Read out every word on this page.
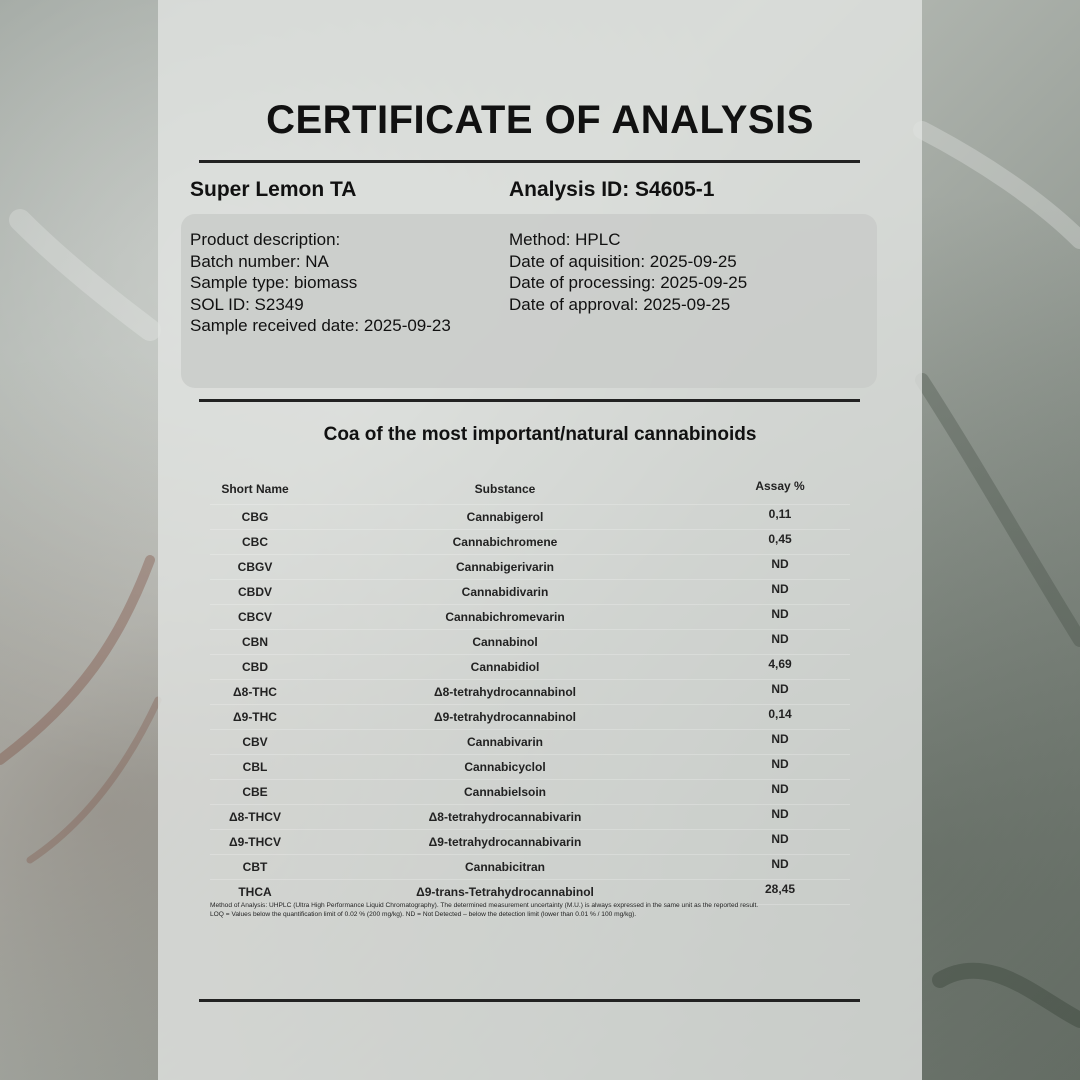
CERTIFICATE OF ANALYSIS
Super Lemon TA	Analysis ID: S4605-1
Product description:
Batch number: NA
Sample type: biomass
SOL ID: S2349
Sample received date: 2025-09-23
Method: HPLC
Date of aquisition: 2025-09-25
Date of processing: 2025-09-25
Date of approval: 2025-09-25
Coa of the most important/natural cannabinoids
Short Name	Substance	Assay %
CBG	Cannabigerol	0,11
CBC	Cannabichromene	0,45
CBGV	Cannabigerivarin	ND
CBDV	Cannabidivarin	ND
CBCV	Cannabichromevarin	ND
CBN	Cannabinol	ND
CBD	Cannabidiol	4,69
Δ8-THC	Δ8-tetrahydrocannabinol	ND
Δ9-THC	Δ9-tetrahydrocannabinol	0,14
CBV	Cannabivarin	ND
CBL	Cannabicyclol	ND
CBE	Cannabielsoin	ND
Δ8-THCV	Δ8-tetrahydrocannabivarin	ND
Δ9-THCV	Δ9-tetrahydrocannabivarin	ND
CBT	Cannabicitran	ND
THCA	Δ9-trans-Tetrahydrocannabinol	28,45
Method of Analysis: UHPLC (Ultra High Performance Liquid Chromatography). The determined measurement uncertainty (M.U.) is always expressed in the same unit as the reported result.
LOQ = Values below the quantification limit of 0.02 % (200 mg/kg). ND = Not Detected – below the detection limit (lower than 0.01 % / 100 mg/kg).
